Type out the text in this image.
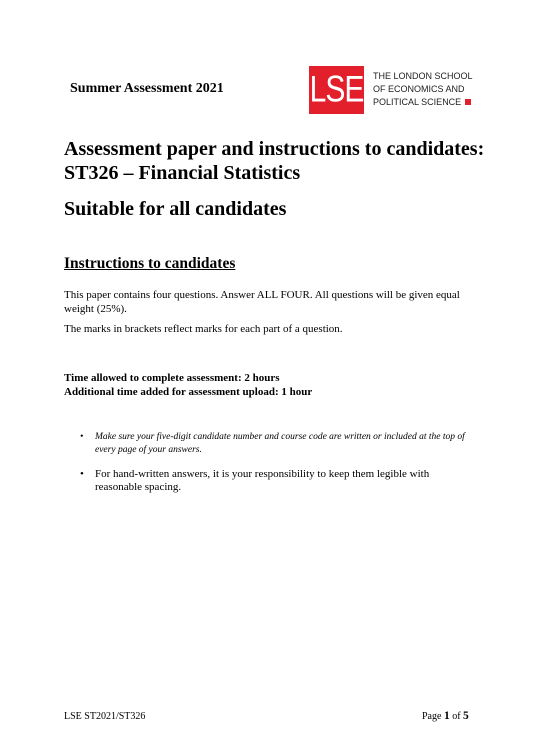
Summer Assessment 2021	LSE THE LONDON SCHOOL
OF ECONOMICS AND
POLITICAL SCIENCE
Assessment paper and instructions to candidates:
ST326 – Financial Statistics
Suitable for all candidates
Instructions to candidates
This paper contains four questions. Answer ALL FOUR. All questions will be given equal weight (25%).
The marks in brackets reflect marks for each part of a question.
Time allowed to complete assessment: 2 hours
Additional time added for assessment upload: 1 hour
• Make sure your five-digit candidate number and course code are written or included at the top of every page of your answers.
• For hand-written answers, it is your responsibility to keep them legible with reasonable spacing.
LSE ST2021/ST326	Page 1 of 5
